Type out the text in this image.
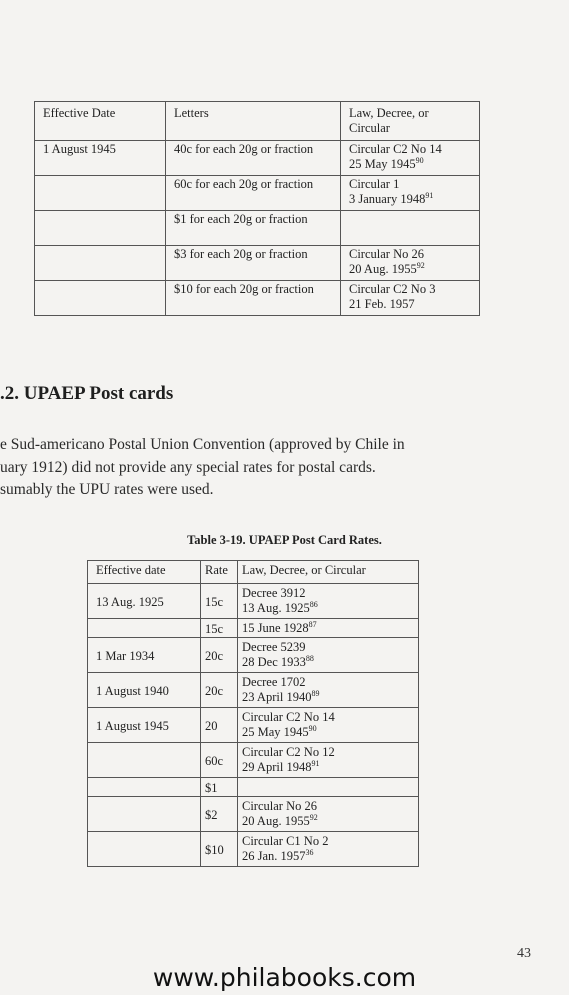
Effective Date	Letters	Law, Decree, or Circular
1 August 1945	40c for each 20g or fraction	Circular C2 No 14
25 May 1945$^{90}$

	60c for each 20g or fraction	Circular 1
3 January 1948$^{91}$

	$1 for each 20g or fraction	
	$3 for each 20g or fraction	Circular No 26
20 Aug. 1955$^{92}$

	$10 for each 20g or fraction	Circular C2 No 3
21 Feb. 1957
.2. UPAEP Post cards

e Sud-americano Postal Union Convention (approved by Chile in
uary 1912) did not provide any special rates for postal cards.
sumably the UPU rates were used.

Table 3-19. UPAEP Post Card Rates.

Effective date	Rate	Law, Decree, or Circular
13 Aug. 1925	15c	Decree 3912
13 Aug. 1925$^{86}$

	15c	15 June 1928$^{87}$

1 Mar 1934	20c	Decree 5239
28 Dec 1933$^{88}$

1 August 1940	20c	Decree 1702
23 April 1940$^{89}$

1 August 1945	20	Circular C2 No 14
25 May 1945$^{90}$

	60c	Circular C2 No 12
29 April 1948$^{91}$

	$1	
	$2	Circular No 26
20 Aug. 1955$^{92}$

	$10	Circular C1 No 2
26 Jan. 1957$^{36}$
43
www.philabooks.com
